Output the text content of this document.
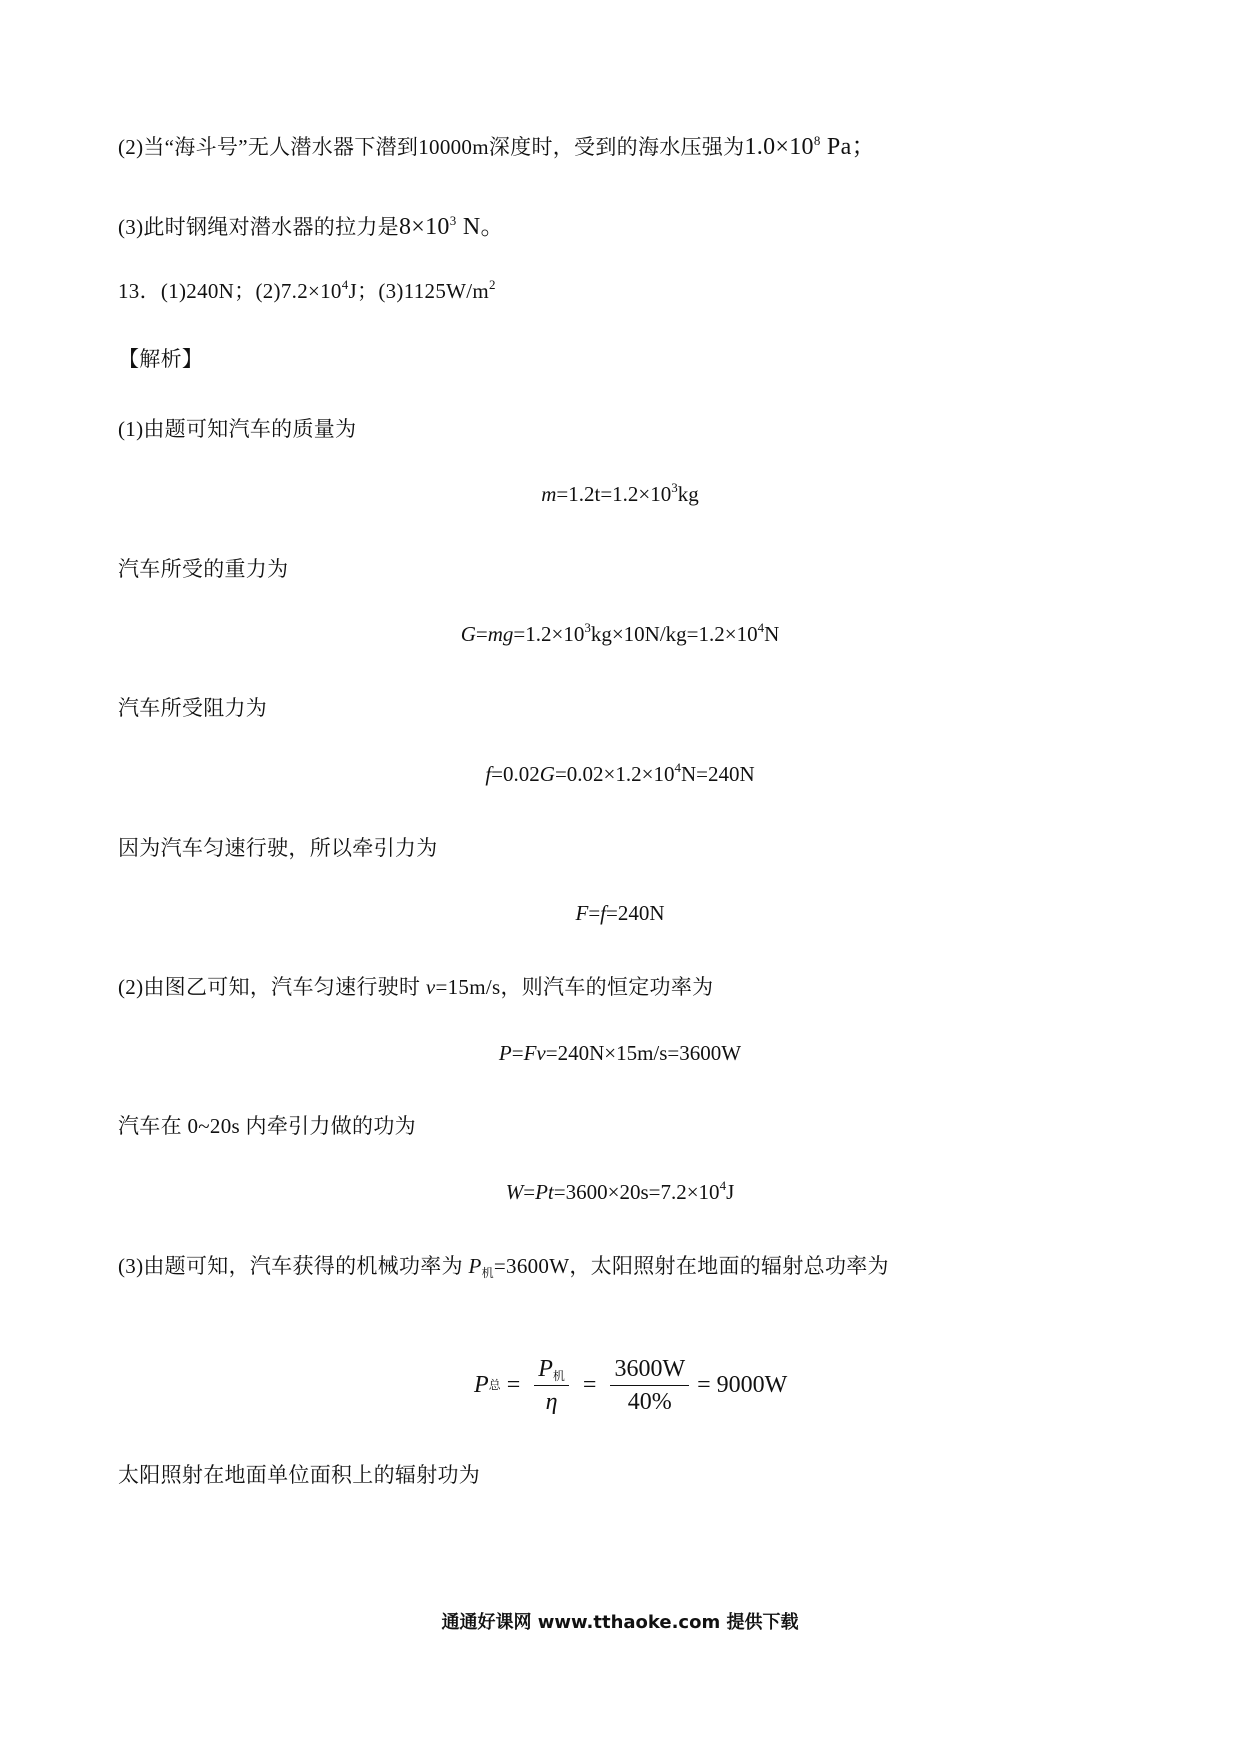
(2)当“海斗号”无人潜水器下潜到10000m深度时，受到的海水压强为$1.0\times 10^8$ Pa；
(3)此时钢绳对潜水器的拉力是$8\times 10^3$ N。
13．(1)240N；$(2)7.2\times 10^4J$；$(3)1125W/m^2$
【解析】
(1)由题可知汽车的质量为
$m=1.2t=1.2\times 10^3kg$
汽车所受的重力为
$G=mg=1.2\times 10^3kg\times 10N/kg=1.2\times 10^4N$
汽车所受阻力为
$f=0.02G=0.02\times 1.2\times 10^4N=240N$
因为汽车匀速行驶，所以牵引力为
F=f=240N
(2)由图乙可知，汽车匀速行驶时 v=15m/s，则汽车的恒定功率为
P=Fv=240N×15m/s=3600W
汽车在 0~20s 内牵引力做的功为
$W=Pt=3600\times 20s=7.2\times 10^4J$
(3)由题可知，汽车获得的机械功率为 $P_机=3600W$，太阳照射在地面的辐射总功率为
P 总 = $\frac{P_机}{\eta} = \frac{3600W}{40\%} = 9000W$
太阳照射在地面单位面积上的辐射功为
通通好课网 www.tthaoke.com 提供下载
